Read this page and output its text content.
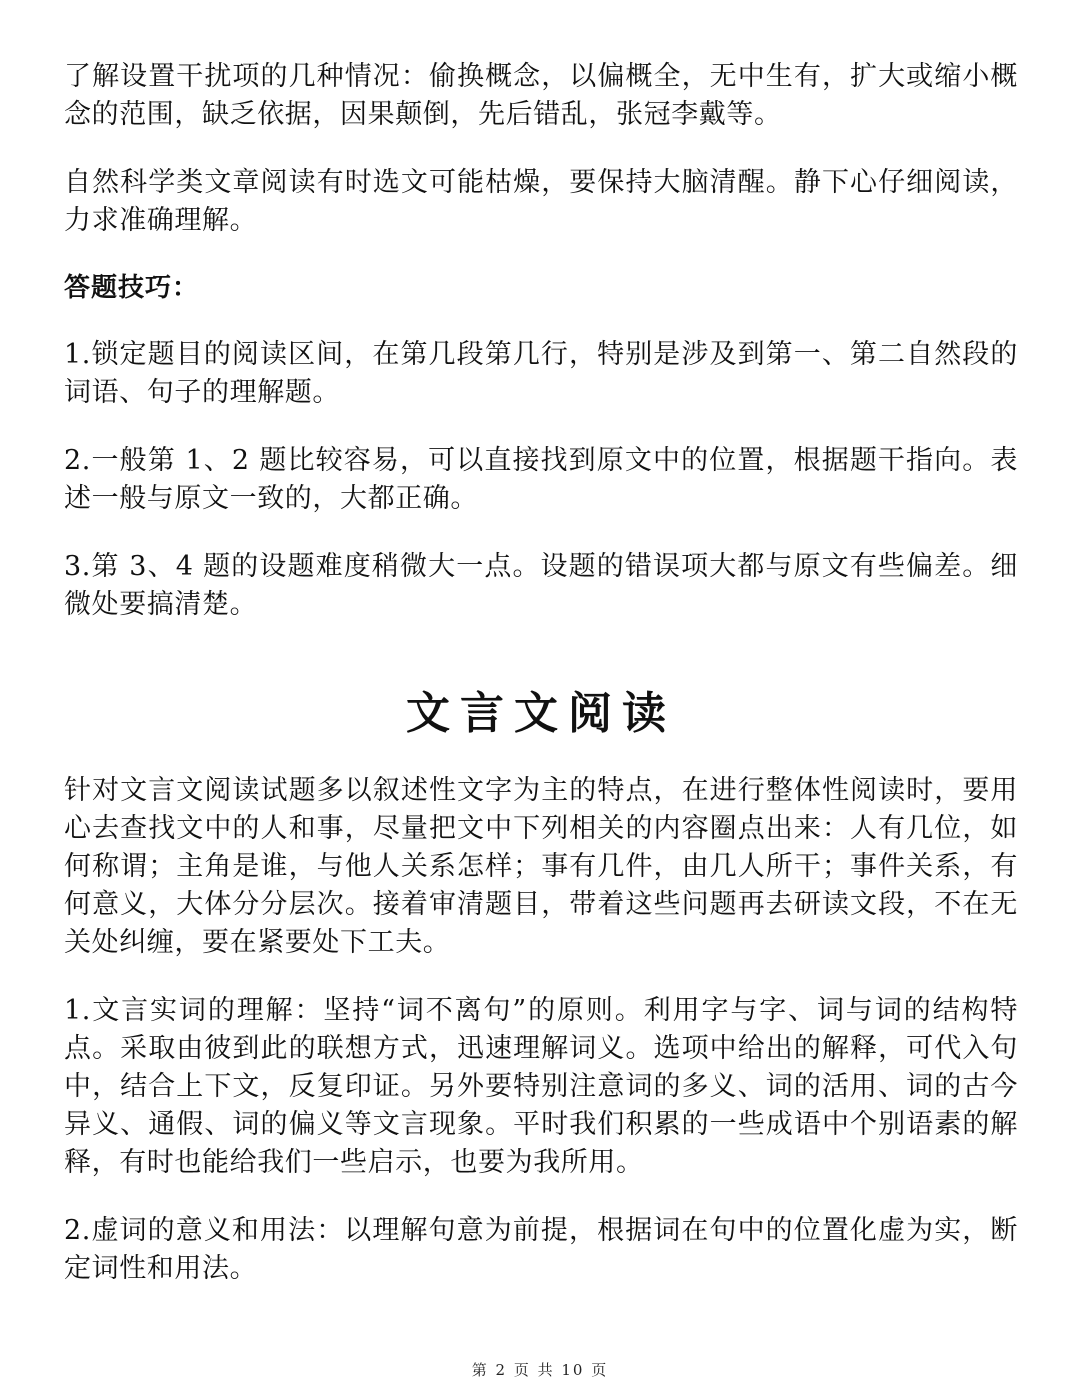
了解设置干扰项的几种情况：偷换概念，以偏概全，无中生有，扩大或缩小概念的范围，缺乏依据，因果颠倒，先后错乱，张冠李戴等。

自然科学类文章阅读有时选文可能枯燥，要保持大脑清醒。静下心仔细阅读，力求准确理解。

答题技巧：

1.锁定题目的阅读区间，在第几段第几行，特别是涉及到第一、第二自然段的词语、句子的理解题。

2.一般第 1、2 题比较容易，可以直接找到原文中的位置，根据题干指向。表述一般与原文一致的，大都正确。

3.第 3、4 题的设题难度稍微大一点。设题的错误项大都与原文有些偏差。细微处要搞清楚。

文言文阅读

针对文言文阅读试题多以叙述性文字为主的特点，在进行整体性阅读时，要用心去查找文中的人和事，尽量把文中下列相关的内容圈点出来：人有几位，如何称谓；主角是谁，与他人关系怎样；事有几件，由几人所干；事件关系，有何意义，大体分分层次。接着审清题目，带着这些问题再去研读文段，不在无关处纠缠，要在紧要处下工夫。

1.文言实词的理解：坚持“词不离句”的原则。利用字与字、词与词的结构特点。采取由彼到此的联想方式，迅速理解词义。选项中给出的解释，可代入句中，结合上下文，反复印证。另外要特别注意词的多义、词的活用、词的古今异义、通假、词的偏义等文言现象。平时我们积累的一些成语中个别语素的解释，有时也能给我们一些启示，也要为我所用。

2.虚词的意义和用法：以理解句意为前提，根据词在句中的位置化虚为实，断定词性和用法。

第 2 页 共 10 页
